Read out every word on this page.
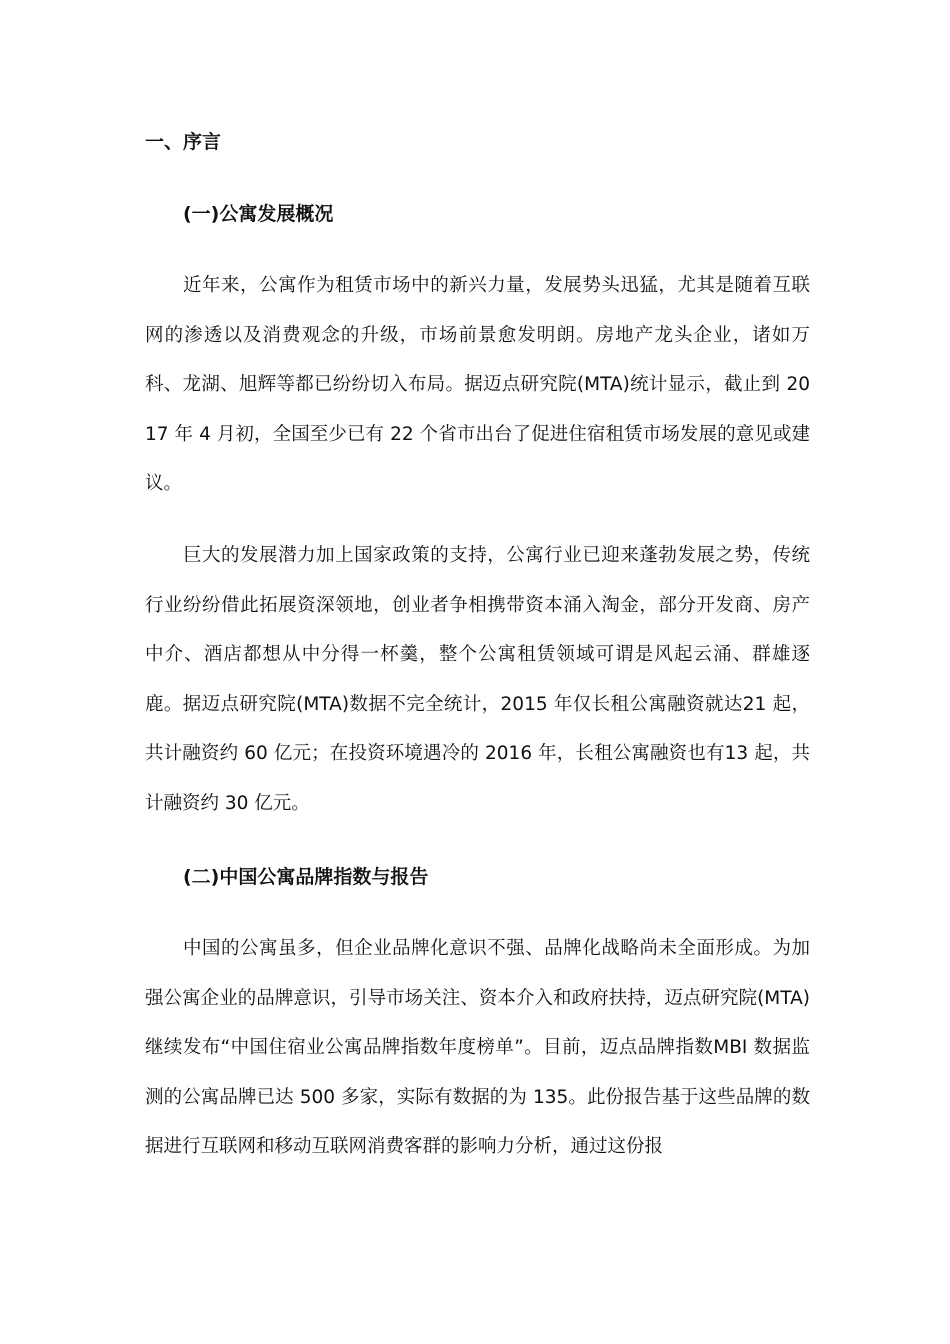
一、序言
(一)公寓发展概况

近年来，公寓作为租赁市场中的新兴力量，发展势头迅猛，尤其是随着互联网的渗透以及消费观念的升级，市场前景愈发明朗。房地产龙头企业，诸如万科、龙湖、旭辉等都已纷纷切入布局。据迈点研究院(MTA)统计显示，截止到 2017 年 4 月初，全国至少已有 22 个省市出台了促进住宿租赁市场发展的意见或建议。

巨大的发展潜力加上国家政策的支持，公寓行业已迎来蓬勃发展之势，传统行业纷纷借此拓展资深领地，创业者争相携带资本涌入淘金，部分开发商、房产中介、酒店都想从中分得一杯羹，整个公寓租赁领域可谓是风起云涌、群雄逐鹿。据迈点研究院(MTA)数据不完全统计，2015 年仅长租公寓融资就达21 起，共计融资约 60 亿元；在投资环境遇冷的 2016 年，长租公寓融资也有13 起，共计融资约 30 亿元。

(二)中国公寓品牌指数与报告

中国的公寓虽多，但企业品牌化意识不强、品牌化战略尚未全面形成。为加强公寓企业的品牌意识，引导市场关注、资本介入和政府扶持，迈点研究院(MTA)继续发布“中国住宿业公寓品牌指数年度榜单”。目前，迈点品牌指数MBI 数据监测的公寓品牌已达 500 多家，实际有数据的为 135。此份报告基于这些品牌的数据进行互联网和移动互联网消费客群的影响力分析，通过这份报
